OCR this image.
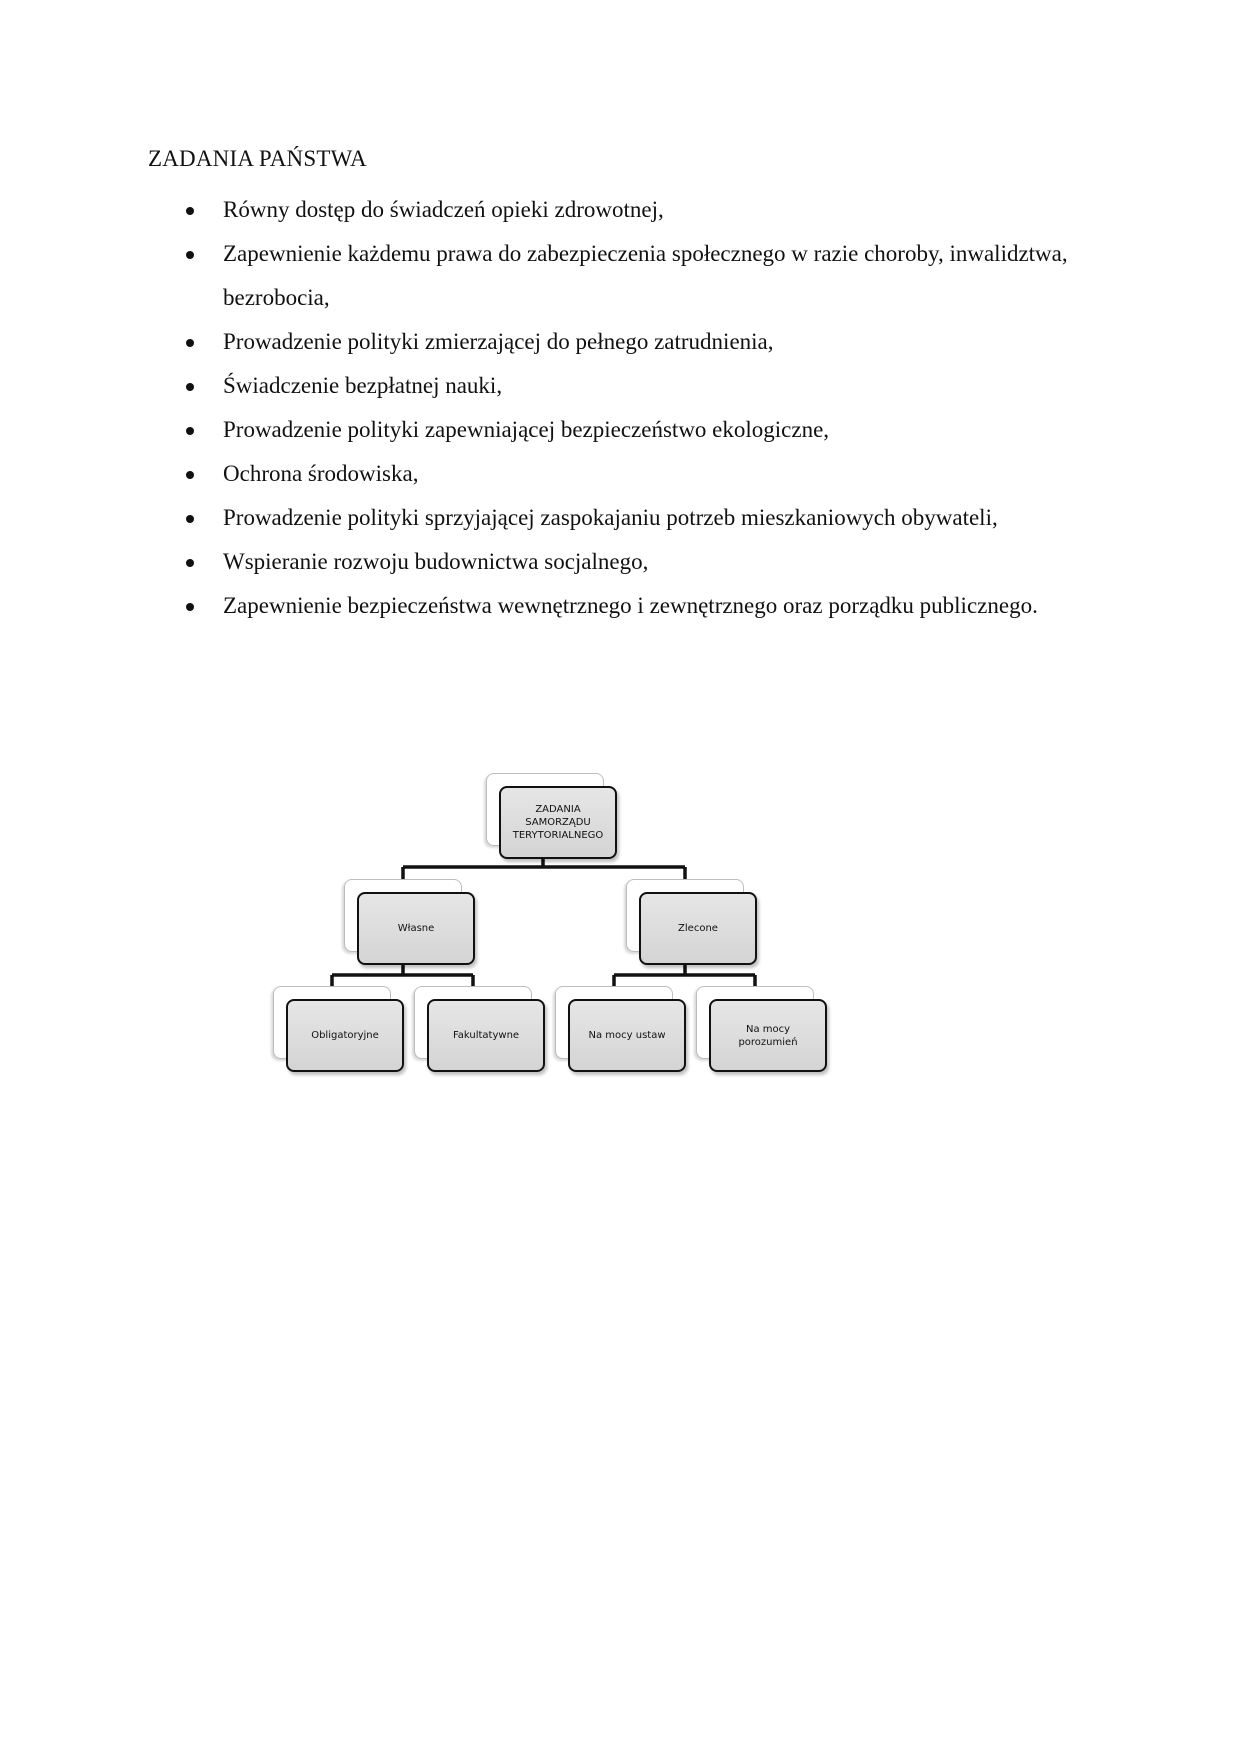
ZADANIA PAŃSTWA
Równy dostęp do świadczeń opieki zdrowotnej,
Zapewnienie każdemu prawa do zabezpieczenia społecznego w razie choroby, inwalidztwa, bezrobocia,
Prowadzenie polityki zmierzającej do pełnego zatrudnienia,
Świadczenie bezpłatnej nauki,
Prowadzenie polityki zapewniającej bezpieczeństwo ekologiczne,
Ochrona środowiska,
Prowadzenie polityki sprzyjającej zaspokajaniu potrzeb mieszkaniowych obywateli,
Wspieranie rozwoju budownictwa socjalnego,
Zapewnienie bezpieczeństwa wewnętrznego i zewnętrznego oraz porządku publicznego.
ZADANIA SAMORZĄDU TERYTORIALNEGO
Własne	Zlecone
Obligatoryjne	Fakultatywne	Na mocy ustaw
Na mocy porozumień
